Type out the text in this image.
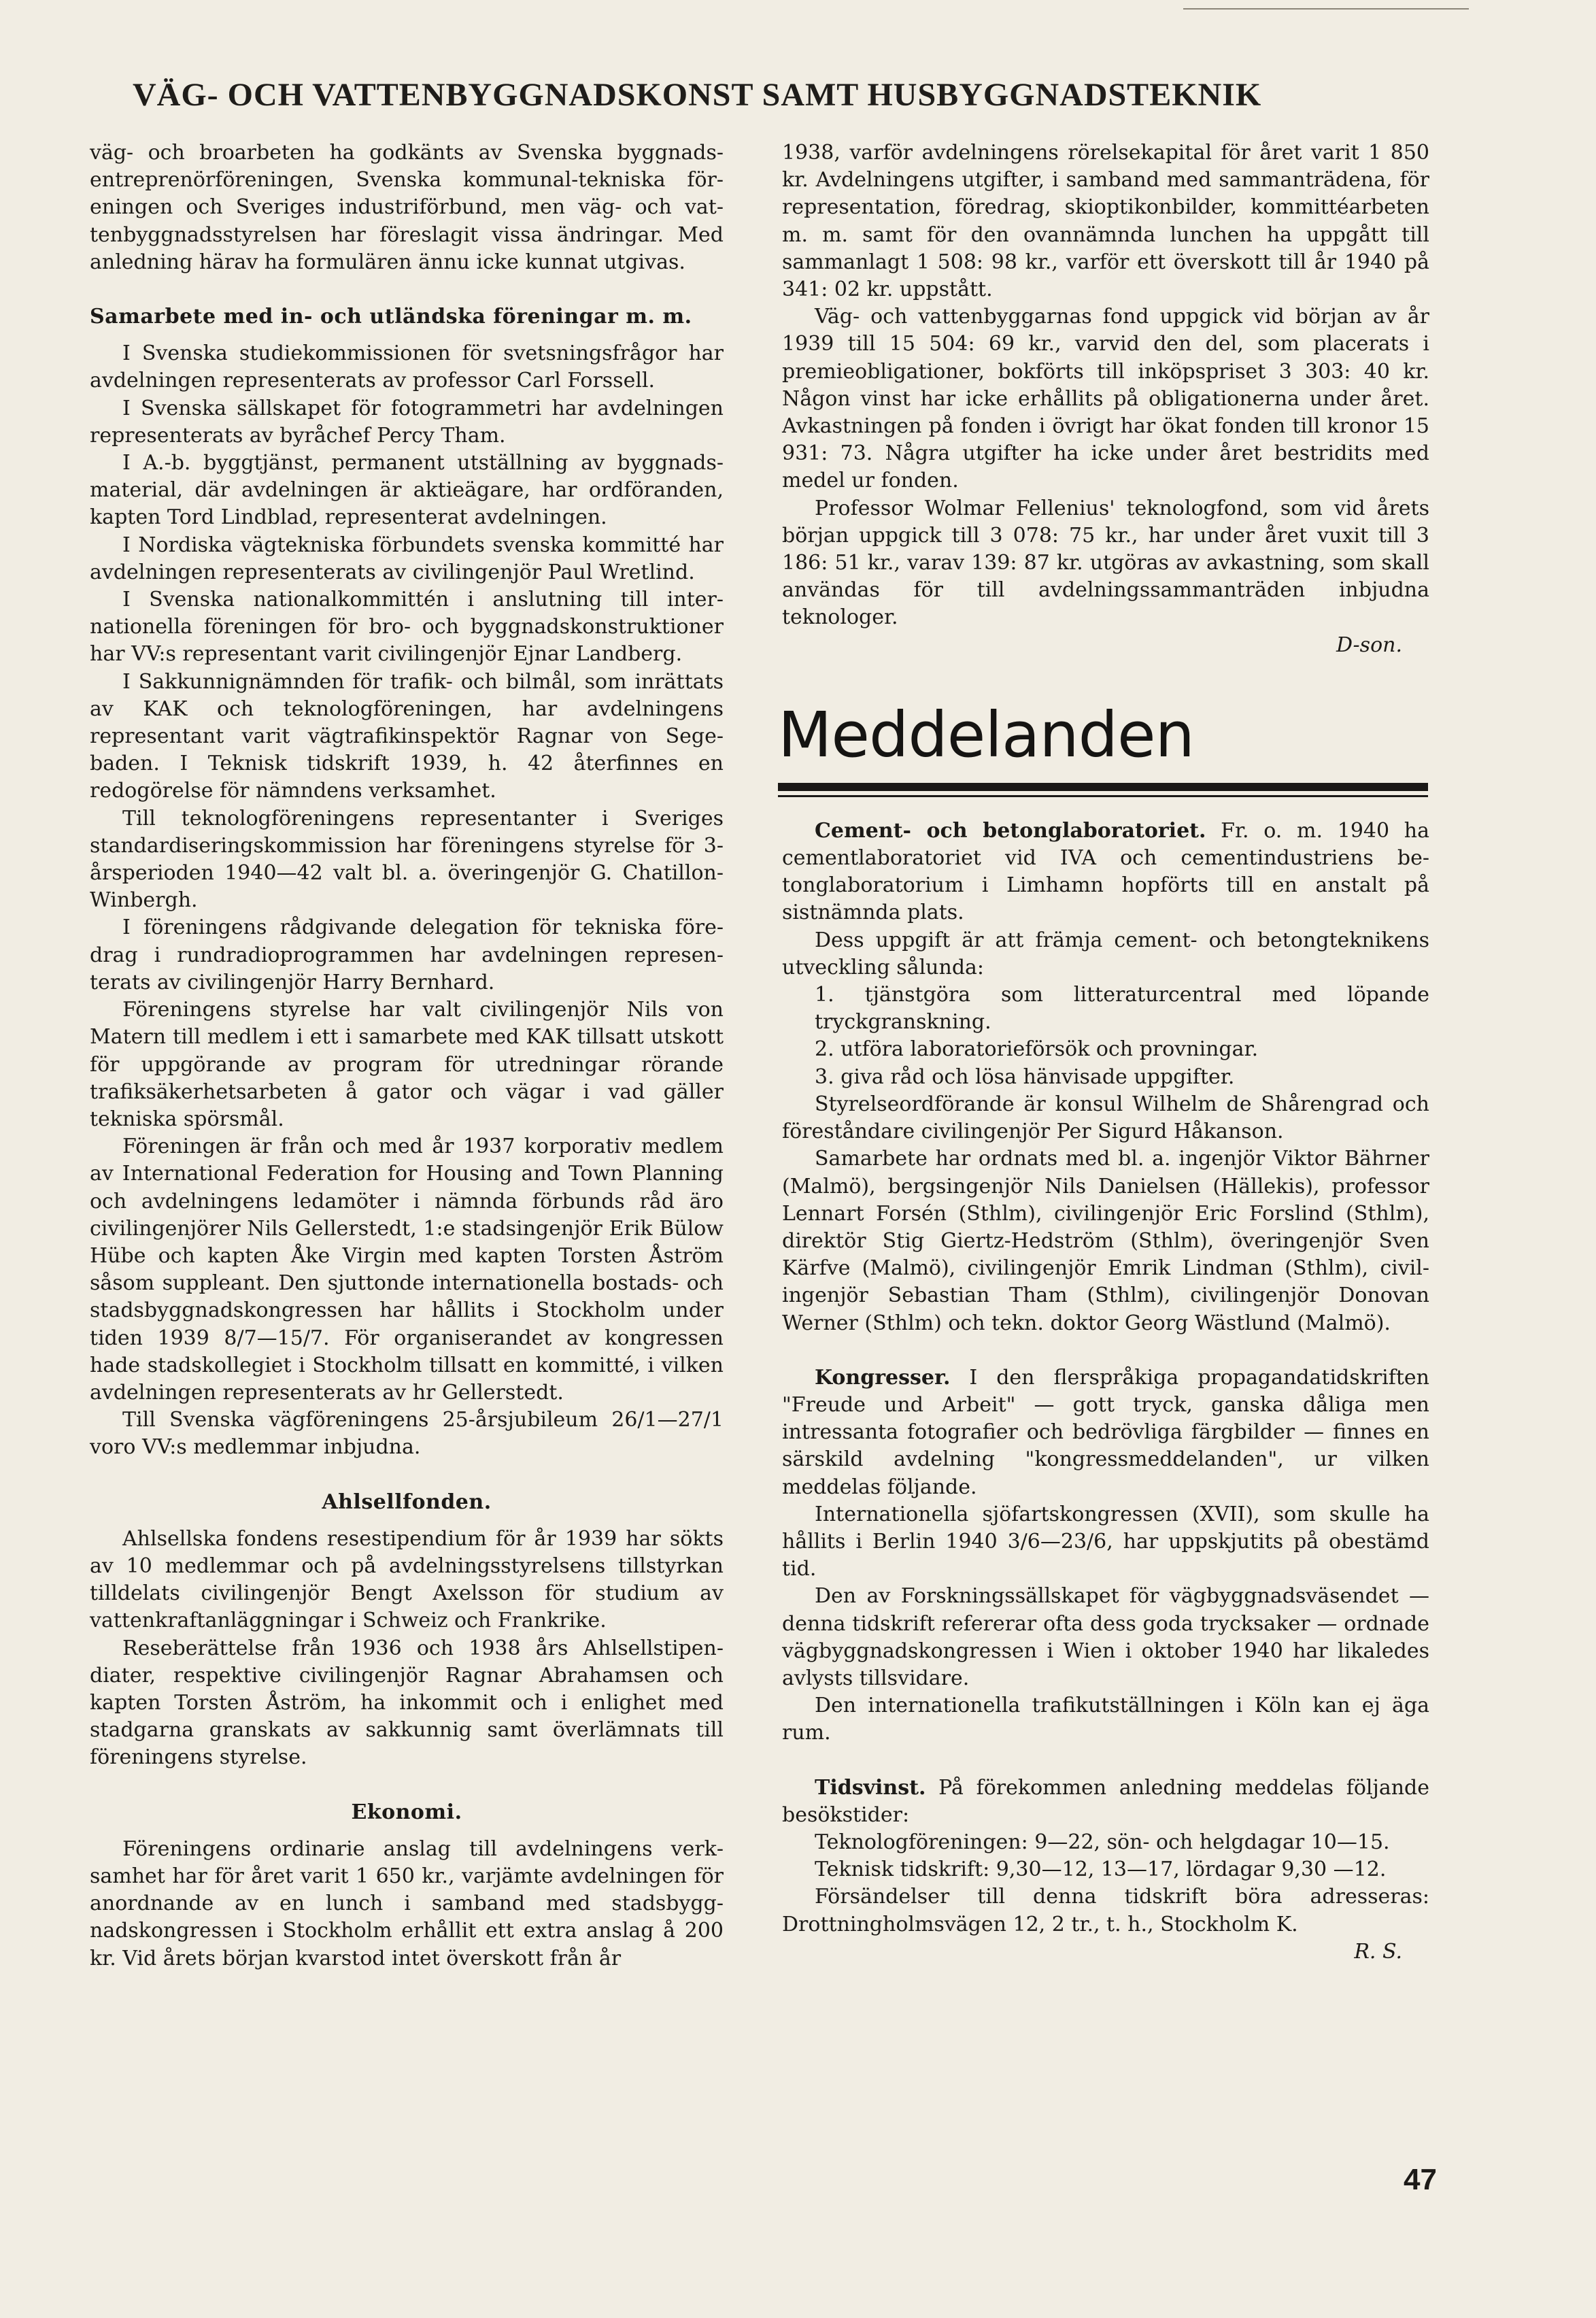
VÄG- OCH VATTENBYGGNADSKONST SAMT HUSBYGGNADSTEKNIK

väg- och broarbeten ha godkänts av Svenska byggnadsentreprenörföreningen, Svenska kommunal-tekniska föreningen och Sveriges industriförbund, men väg- och vattenbyggnadsstyrelsen har föreslagit vissa ändringar. Med anledning härav ha formulären ännu icke kunnat utgivas.

Samarbete med in- och utländska föreningar m. m.

I Svenska studiekommissionen för svetsningsfrågor har avdelningen representerats av professor Carl Forssell.

I Svenska sällskapet för fotogrammetri har avdelningen representerats av byråchef Percy Tham.

I A.-b. byggtjänst, permanent utställning av byggnadsmaterial, där avdelningen är aktieägare, har ordföranden, kapten Tord Lindblad, representerat avdelningen.

I Nordiska vägtekniska förbundets svenska kommitté har avdelningen representerats av civilingenjör Paul Wretlind.

I Svenska nationalkommittén i anslutning till internationella föreningen för bro- och byggnadskonstruktioner har VV:s representant varit civilingenjör Ejnar Landberg.

I Sakkunnignämnden för trafik- och bilmål, som inrättats av KAK och teknologföreningen, har avdelningens representant varit vägtrafikinspektör Ragnar von Segebaden. I Teknisk tidskrift 1939, h. 42 återfinnes en redogörelse för nämndens verksamhet.

Till teknologföreningens representanter i Sveriges standardiseringskommission har föreningens styrelse för 3-årsperioden 1940—42 valt bl. a. överingenjör G. Chatillon-Winbergh.

I föreningens rådgivande delegation för tekniska föredrag i rundradioprogrammen har avdelningen representerats av civilingenjör Harry Bernhard.

Föreningens styrelse har valt civilingenjör Nils von Matern till medlem i ett i samarbete med KAK tillsatt utskott för uppgörande av program för utredningar rörande trafiksäkerhetsarbeten å gator och vägar i vad gäller tekniska spörsmål.

Föreningen är från och med år 1937 korporativ medlem av International Federation for Housing and Town Planning och avdelningens ledamöter i nämnda förbunds råd äro civilingenjörer Nils Gellerstedt, 1:e stadsingenjör Erik Bülow Hübe och kapten Åke Virgin med kapten Torsten Åström såsom suppleant. Den sjuttonde internationella bostads- och stadsbyggnadskongressen har hållits i Stockholm under tiden 1939 8/7—15/7. För organiserandet av kongressen hade stadskollegiet i Stockholm tillsatt en kommitté, i vilken avdelningen representerats av hr Gellerstedt.

Till Svenska vägföreningens 25-årsjubileum 26/1—27/1 voro VV:s medlemmar inbjudna.

Ahlsellfonden.

Ahlsellska fondens resestipendium för år 1939 har sökts av 10 medlemmar och på avdelningsstyrelsens tillstyrkan tilldelats civilingenjör Bengt Axelsson för studium av vattenkraftanläggningar i Schweiz och Frankrike.

Reseberättelse från 1936 och 1938 års Ahlsellstipendiater, respektive civilingenjör Ragnar Abrahamsen och kapten Torsten Åström, ha inkommit och i enlighet med stadgarna granskats av sakkunnig samt överlämnats till föreningens styrelse.

Ekonomi.

Föreningens ordinarie anslag till avdelningens verksamhet har för året varit 1 650 kr., varjämte avdelningen för anordnande av en lunch i samband med stadsbyggnadskongressen i Stockholm erhållit ett extra anslag å 200 kr. Vid årets början kvarstod intet överskott från år

1938, varför avdelningens rörelsekapital för året varit 1 850 kr. Avdelningens utgifter, i samband med sammanträdena, för representation, föredrag, skioptikonbilder, kommittéarbeten m. m. samt för den ovannämnda lunchen ha uppgått till sammanlagt 1 508: 98 kr., varför ett överskott till år 1940 på 341: 02 kr. uppstått.

Väg- och vattenbyggarnas fond uppgick vid början av år 1939 till 15 504: 69 kr., varvid den del, som placerats i premieobligationer, bokförts till inköpspriset 3 303: 40 kr. Någon vinst har icke erhållits på obligationerna under året. Avkastningen på fonden i övrigt har ökat fonden till kronor 15 931: 73. Några utgifter ha icke under året bestridits med medel ur fonden.

Professor Wolmar Fellenius' teknologfond, som vid årets början uppgick till 3 078: 75 kr., har under året vuxit till 3 186: 51 kr., varav 139: 87 kr. utgöras av avkastning, som skall användas för till avdelningssammanträden inbjudna teknologer.

D-son.

Meddelanden

Cement- och betonglaboratoriet. Fr. o. m. 1940 ha cementlaboratoriet vid IVA och cementindustriens betonglaboratorium i Limhamn hopförts till en anstalt på sistnämnda plats.

Dess uppgift är att främja cement- och betongteknikens utveckling sålunda:

1. tjänstgöra som litteraturcentral med löpande tryckgranskning.

2. utföra laboratorieförsök och provningar.

3. giva råd och lösa hänvisade uppgifter.

Styrelseordförande är konsul Wilhelm de Shårengrad och föreståndare civilingenjör Per Sigurd Håkanson.

Samarbete har ordnats med bl. a. ingenjör Viktor Bährner (Malmö), bergsingenjör Nils Danielsen (Hällekis), professor Lennart Forsén (Sthlm), civilingenjör Eric Forslind (Sthlm), direktör Stig Giertz-Hedström (Sthlm), överingenjör Sven Kärfve (Malmö), civilingenjör Emrik Lindman (Sthlm), civilingenjör Sebastian Tham (Sthlm), civilingenjör Donovan Werner (Sthlm) och tekn. doktor Georg Wästlund (Malmö).

Kongresser. I den flerspråkiga propagandatidskriften "Freude und Arbeit" — gott tryck, ganska dåliga men intressanta fotografier och bedrövliga färgbilder — finnes en särskild avdelning "kongressmeddelanden", ur vilken meddelas följande.

Internationella sjöfartskongressen (XVII), som skulle ha hållits i Berlin 1940 3/6—23/6, har uppskjutits på obestämd tid.

Den av Forskningssällskapet för vägbyggnadsväsendet — denna tidskrift refererar ofta dess goda trycksaker — ordnade vägbyggnadskongressen i Wien i oktober 1940 har likaledes avlysts tillsvidare.

Den internationella trafikutställningen i Köln kan ej äga rum.

Tidsvinst. På förekommen anledning meddelas följande besökstider:

Teknologföreningen: 9—22, sön- och helgdagar 10—15.

Teknisk tidskrift: 9,30—12, 13—17, lördagar 9,30 —12.

Försändelser till denna tidskrift böra adresseras: Drottningholmsvägen 12, 2 tr., t. h., Stockholm K.

R. S.

47
